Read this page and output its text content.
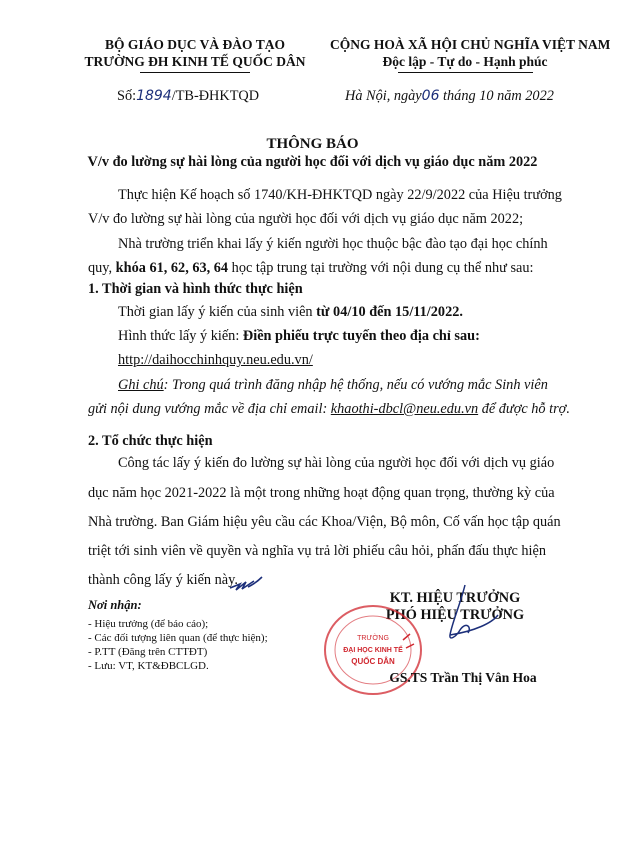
BỘ GIÁO DỤC VÀ ĐÀO TẠO
TRƯỜNG ĐH KINH TẾ QUỐC DÂN
CỘNG HOÀ XÃ HỘI CHỦ NGHĨA VIỆT NAM
Độc lập - Tự do - Hạnh phúc
Số:1894/TB-ĐHKTQD	Hà Nội, ngày06 tháng 10 năm 2022
THÔNG BÁO
V/v đo lường sự hài lòng của người học đối với dịch vụ giáo dục năm 2022
Thực hiện Kế hoạch số 1740/KH-ĐHKTQD ngày 22/9/2022 của Hiệu trưởng
V/v đo lường sự hài lòng của người học đối với dịch vụ giáo dục năm 2022;
Nhà trường triển khai lấy ý kiến người học thuộc bậc đào tạo đại học chính
quy, khóa 61, 62, 63, 64 học tập trung tại trường với nội dung cụ thể như sau:
1. Thời gian và hình thức thực hiện
Thời gian lấy ý kiến của sinh viên từ 04/10 đến 15/11/2022.
Hình thức lấy ý kiến: Điền phiếu trực tuyến theo địa chỉ sau:
http://daihocchinhquy.neu.edu.vn/
Ghi chú: Trong quá trình đăng nhập hệ thống, nếu có vướng mắc Sinh viên
gửi nội dung vướng mắc về địa chỉ email: khaothi-dbcl@neu.edu.vn để được hỗ trợ.
2. Tổ chức thực hiện
Công tác lấy ý kiến đo lường sự hài lòng của người học đối với dịch vụ giáo
dục năm học 2021-2022 là một trong những hoạt động quan trọng, thường kỳ của
Nhà trường. Ban Giám hiệu yêu cầu các Khoa/Viện, Bộ môn, Cố vấn học tập quán
triệt tới sinh viên về quyền và nghĩa vụ trả lời phiếu câu hỏi, phấn đấu thực hiện
thành công lấy ý kiến này.
Nơi nhận:
- Hiệu trưởng (để báo cáo);
- Các đối tượng liên quan (để thực hiện);
- P.TT (Đăng trên CTTĐT)
- Lưu: VT, KT&ĐBCLGD.
KT. HIỆU TRƯỞNG
PHÓ HIỆU TRƯỞNG
TRƯỜNG
ĐẠI HỌC KINH TẾ
QUỐC DÂN
GS.TS Trần Thị Vân Hoa
